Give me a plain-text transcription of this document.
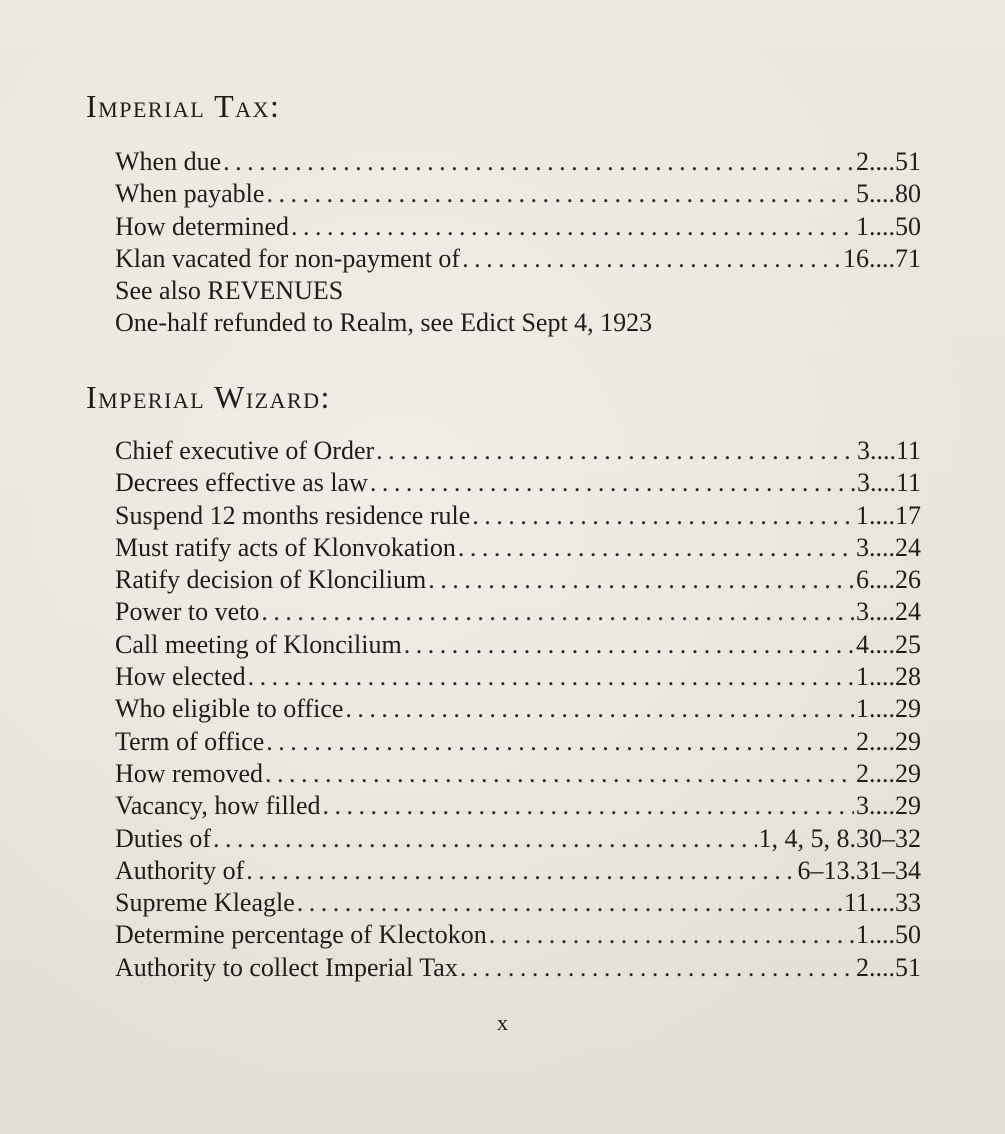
Imperial Tax:
When due . . .	2....51
When payable . . .	5....80
How determined . . .	1....50
Klan vacated for non-payment of . . .	16....71
See also REVENUES
One-half refunded to Realm, see Edict Sept 4, 1923
Imperial Wizard:
Chief executive of Order . . .	3....11
Decrees effective as law . . .	3....11
Suspend 12 months residence rule . . .	1....17
Must ratify acts of Klonvokation . . .	3....24
Ratify decision of Kloncilium . . .	6....26
Power to veto . . .	3....24
Call meeting of Kloncilium . . .	4....25
How elected . . .	1....28
Who eligible to office . . .	1....29
Term of office . . .	2....29
How removed . . .	2....29
Vacancy, how filled . . .	3....29
Duties of . . .	1, 4, 5, 8.30–32
Authority of . . .	6–13.31–34
Supreme Kleagle . . .	11....33
Determine percentage of Klectokon . . .	1....50
Authority to collect Imperial Tax . . .	2....51

x
